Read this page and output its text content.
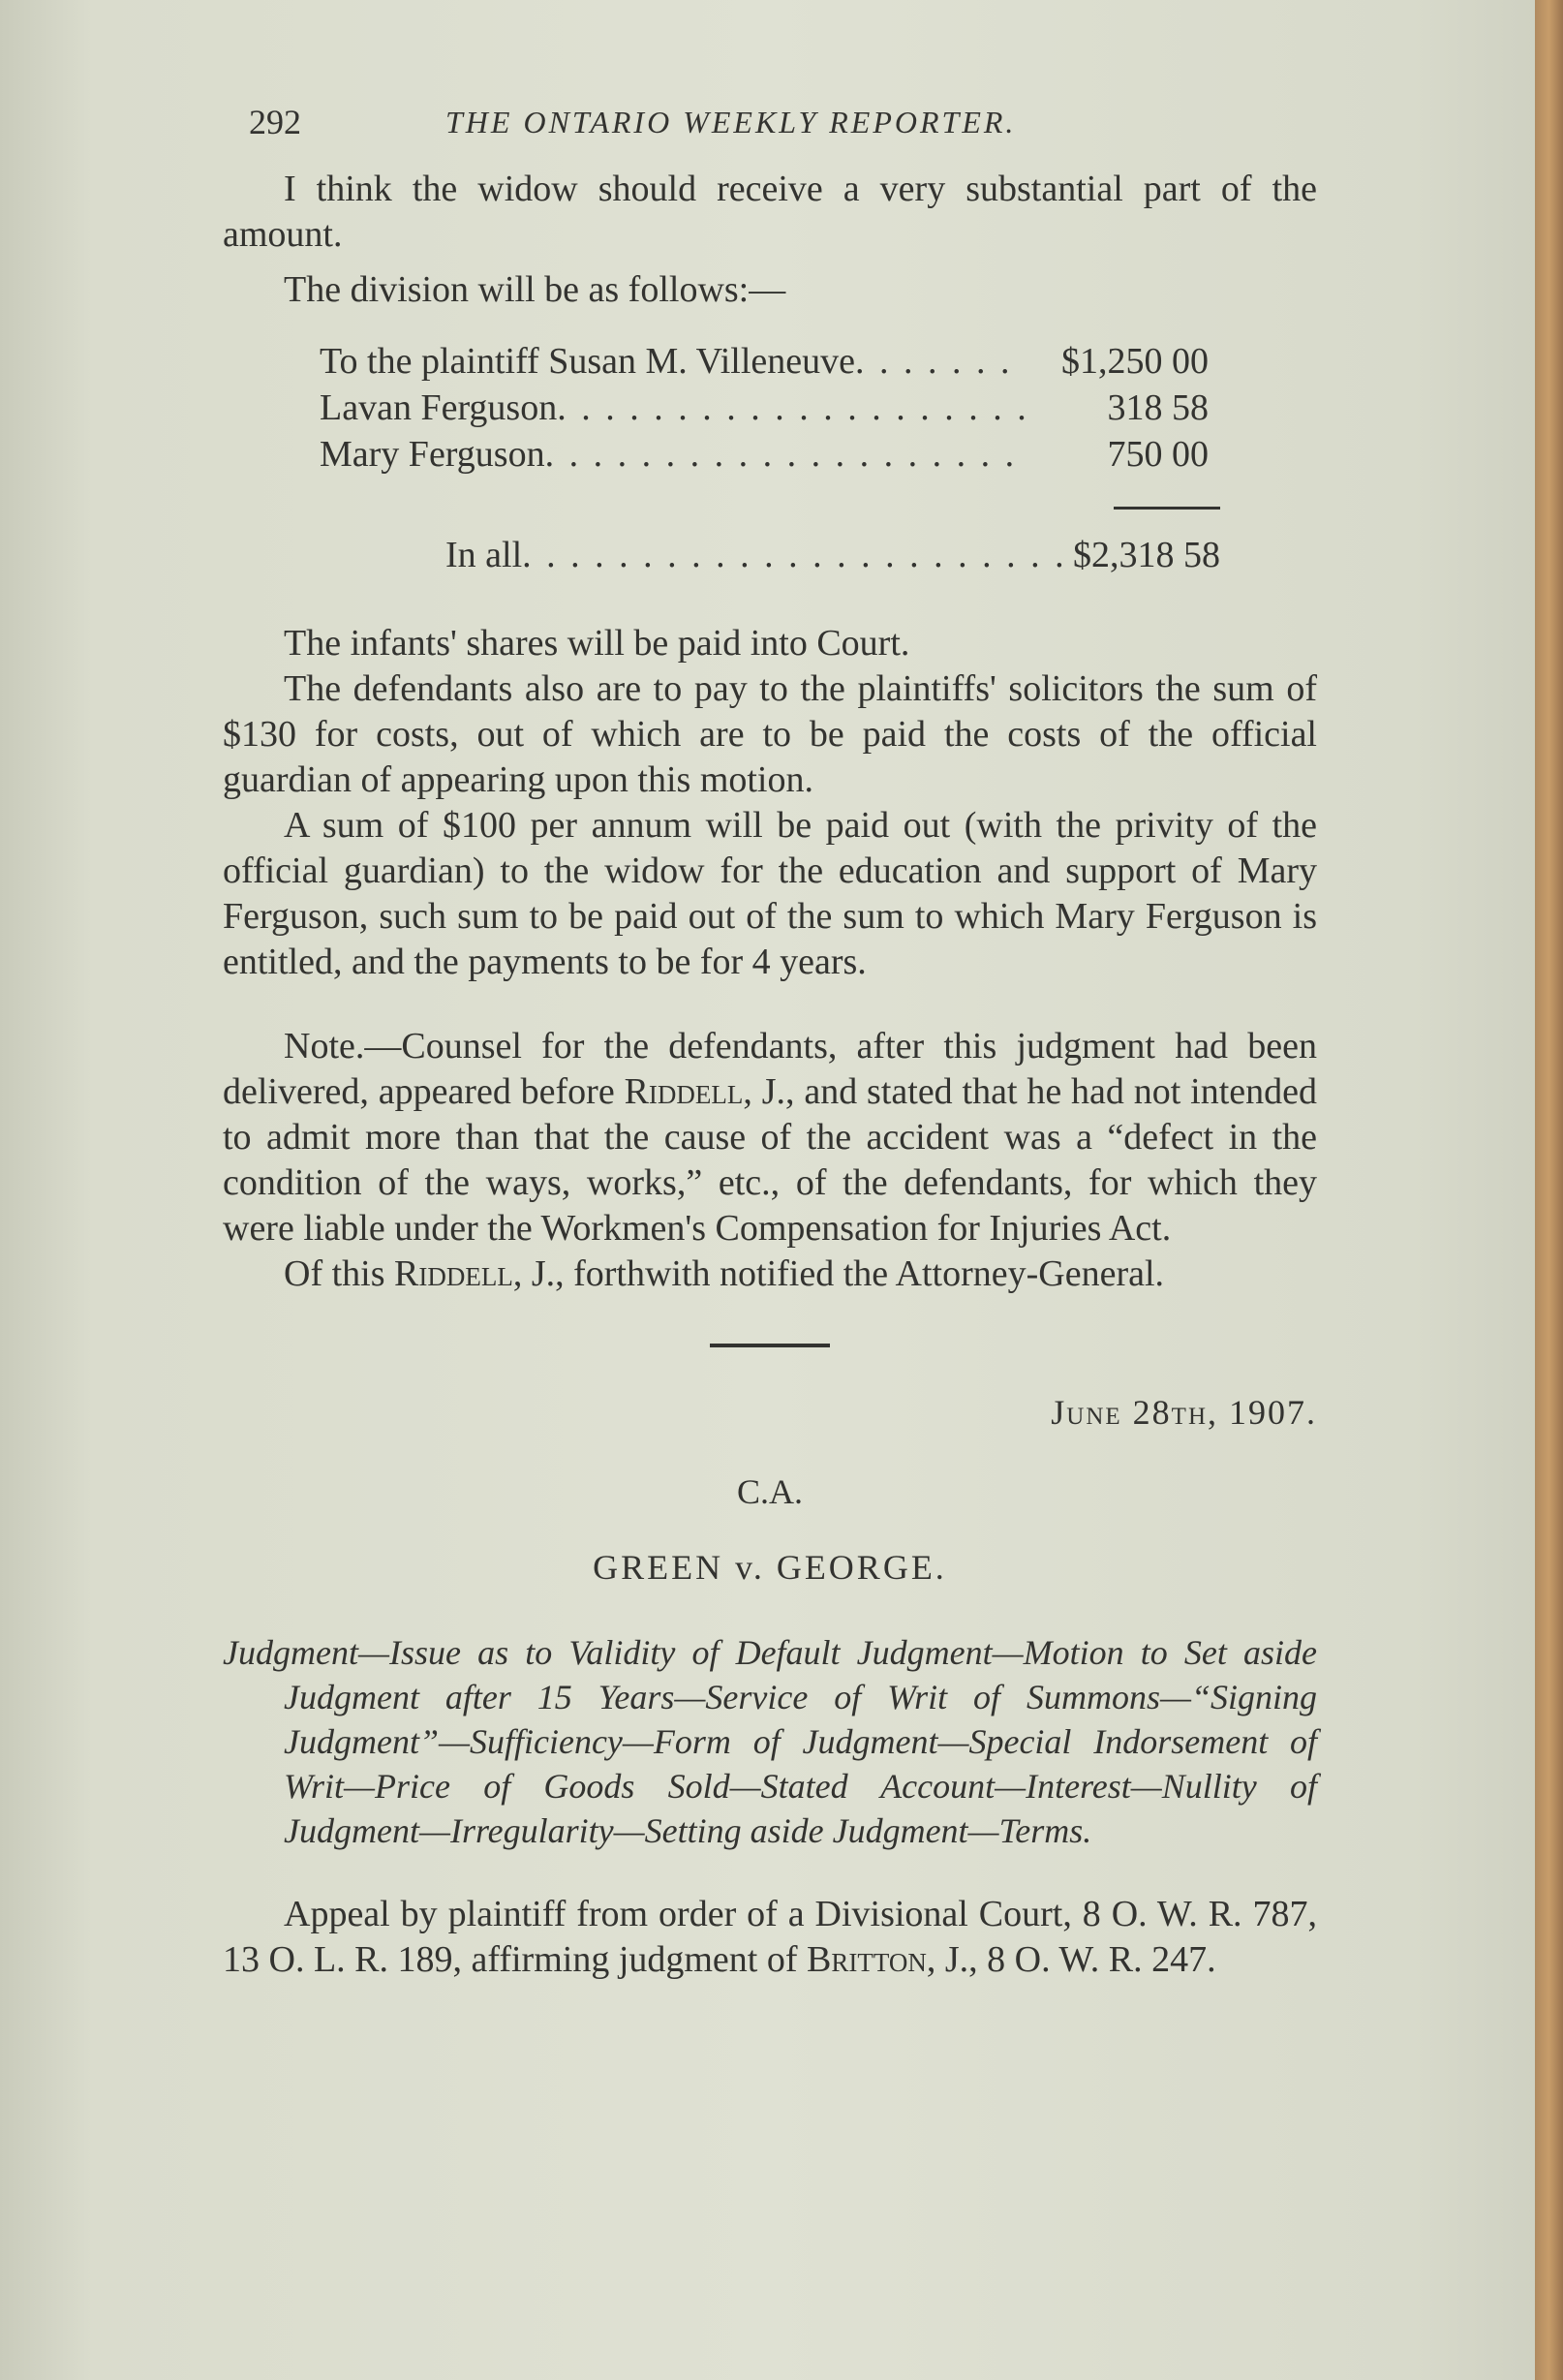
292	THE ONTARIO WEEKLY REPORTER.

I think the widow should receive a very substantial part of the amount.

The division will be as follows:—

To the plaintiff Susan M. Villeneuve . . .	$1,250 00
Lavan Ferguson . . .	318 58
Mary Ferguson . . .	750 00
In all . . .	$2,318 58

The infants' shares will be paid into Court.

The defendants also are to pay to the plaintiffs' solicitors the sum of $130 for costs, out of which are to be paid the costs of the official guardian of appearing upon this motion.

A sum of $100 per annum will be paid out (with the privity of the official guardian) to the widow for the education and support of Mary Ferguson, such sum to be paid out of the sum to which Mary Ferguson is entitled, and the payments to be for 4 years.

Note.—Counsel for the defendants, after this judgment had been delivered, appeared before Riddell, J., and stated that he had not intended to admit more than that the cause of the accident was a “defect in the condition of the ways, works,” etc., of the defendants, for which they were liable under the Workmen's Compensation for Injuries Act.

Of this Riddell, J., forthwith notified the Attorney-General.

June 28th, 1907.
C.A.
GREEN v. GEORGE.

Judgment—Issue as to Validity of Default Judgment—Motion to Set aside Judgment after 15 Years—Service of Writ of Summons—“Signing Judgment”—Sufficiency—Form of Judgment—Special Indorsement of Writ—Price of Goods Sold—Stated Account—Interest—Nullity of Judgment—Irregularity—Setting aside Judgment—Terms.

Appeal by plaintiff from order of a Divisional Court, 8 O. W. R. 787, 13 O. L. R. 189, affirming judgment of Britton, J., 8 O. W. R. 247.
